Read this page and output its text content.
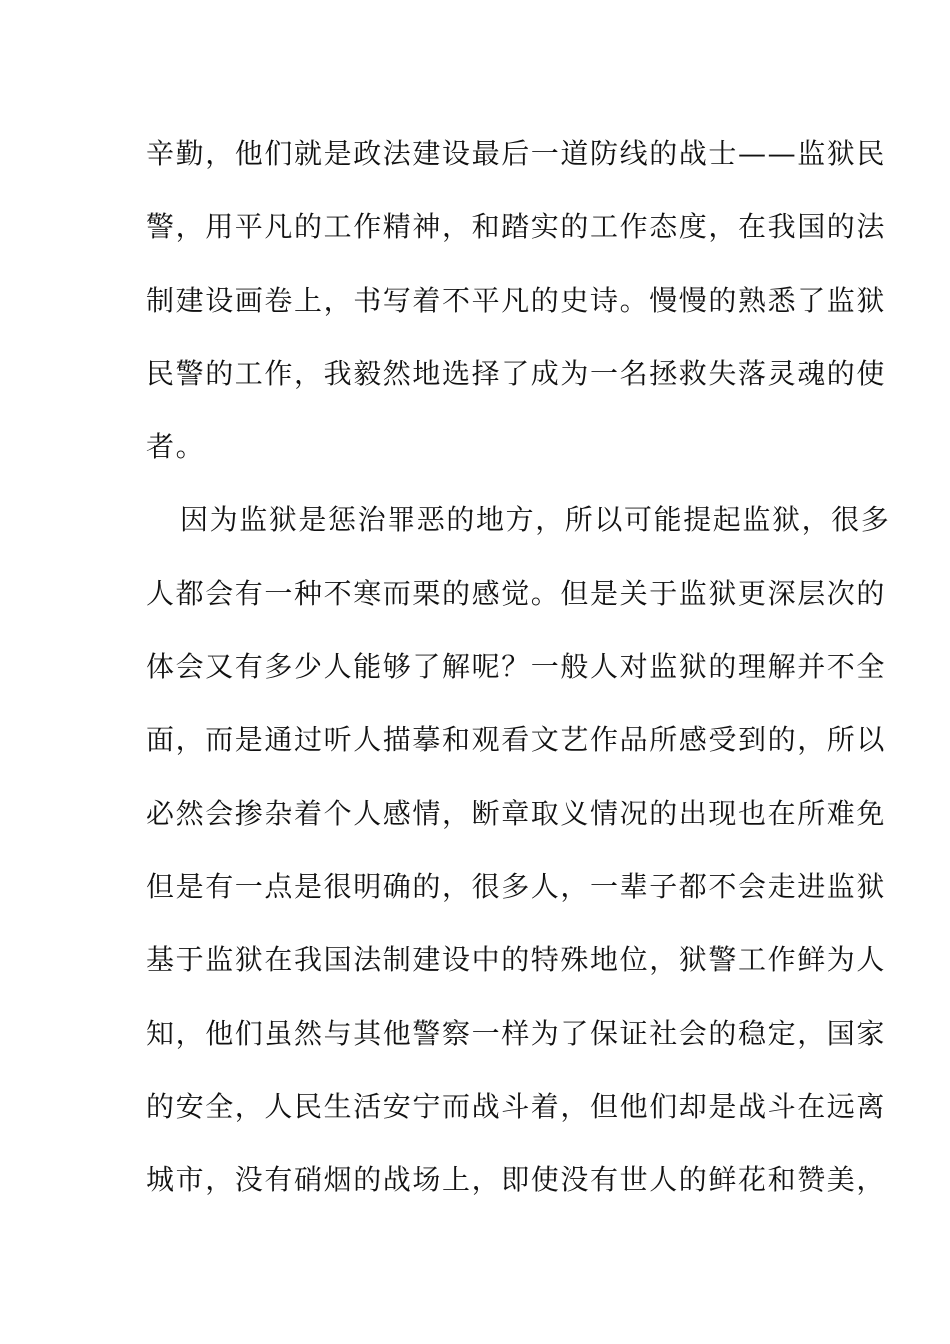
辛勤，他们就是政法建设最后一道防线的战士——监狱民
警，用平凡的工作精神，和踏实的工作态度，在我国的法
制建设画卷上，书写着不平凡的史诗。慢慢的熟悉了监狱
民警的工作，我毅然地选择了成为一名拯救失落灵魂的使
者。
因为监狱是惩治罪恶的地方，所以可能提起监狱，很多
人都会有一种不寒而栗的感觉。但是关于监狱更深层次的
体会又有多少人能够了解呢？一般人对监狱的理解并不全
面，而是通过听人描摹和观看文艺作品所感受到的，所以
必然会掺杂着个人感情，断章取义情况的出现也在所难免
但是有一点是很明确的，很多人，一辈子都不会走进监狱
基于监狱在我国法制建设中的特殊地位，狱警工作鲜为人
知，他们虽然与其他警察一样为了保证社会的稳定，国家
的安全，人民生活安宁而战斗着，但他们却是战斗在远离
城市，没有硝烟的战场上，即使没有世人的鲜花和赞美，
